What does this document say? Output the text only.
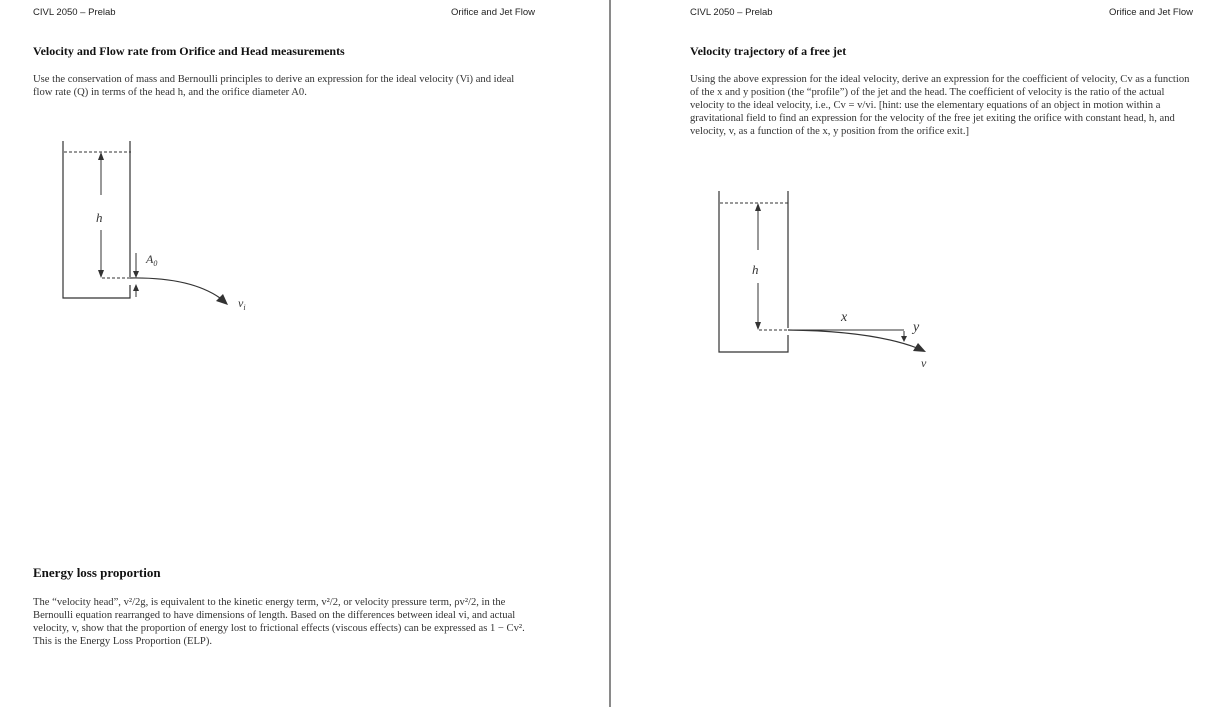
CIVL 2050 – Prelab	Orifice and Jet Flow
Velocity and Flow rate from Orifice and Head measurements

Use the conservation of mass and Bernoulli principles to derive an expression for the ideal velocity (Vi) and ideal flow rate (Q) in terms of the head h, and the orifice diameter A0.

h
$A_0$
$v_i$
Energy loss proportion

The “velocity head”, v²/2g, is equivalent to the kinetic energy term, v²/2, or velocity pressure term, ρv²/2, in the Bernoulli equation rearranged to have dimensions of length. Based on the differences between ideal vi, and actual velocity, v, show that the proportion of energy lost to frictional effects (viscous effects) can be expressed as 1 − Cv². This is the Energy Loss Proportion (ELP).

CIVL 2050 – Prelab	Orifice and Jet Flow
Velocity trajectory of a free jet

Using the above expression for the ideal velocity, derive an expression for the coefficient of velocity, Cv as a function of the x and y position (the “profile”) of the jet and the head. The coefficient of velocity is the ratio of the actual velocity to the ideal velocity, i.e., Cv = v/vi. [hint: use the elementary equations of an object in motion within a gravitational field to find an expression for the velocity of the free jet exiting the orifice with constant head, h, and velocity, v, as a function of the x, y position from the orifice exit.]

h
x
y
v
